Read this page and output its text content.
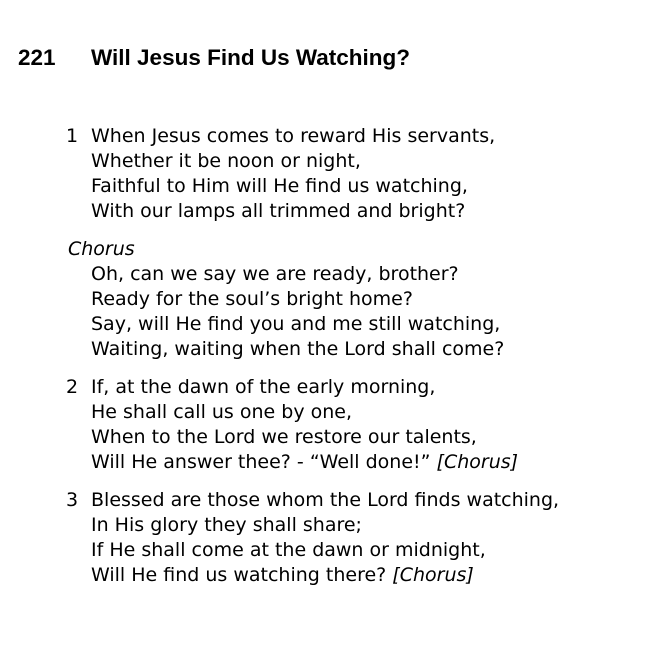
221 Will Jesus Find Us Watching?
1 When Jesus comes to reward His servants,
Whether it be noon or night,
Faithful to Him will He find us watching,
With our lamps all trimmed and bright?
Chorus
Oh, can we say we are ready, brother?
Ready for the soul’s bright home?
Say, will He find you and me still watching,
Waiting, waiting when the Lord shall come?
2 If, at the dawn of the early morning,
He shall call us one by one,
When to the Lord we restore our talents,
Will He answer thee? - “Well done!” [Chorus]
3 Blessed are those whom the Lord finds watching,
In His glory they shall share;
If He shall come at the dawn or midnight,
Will He find us watching there? [Chorus]
